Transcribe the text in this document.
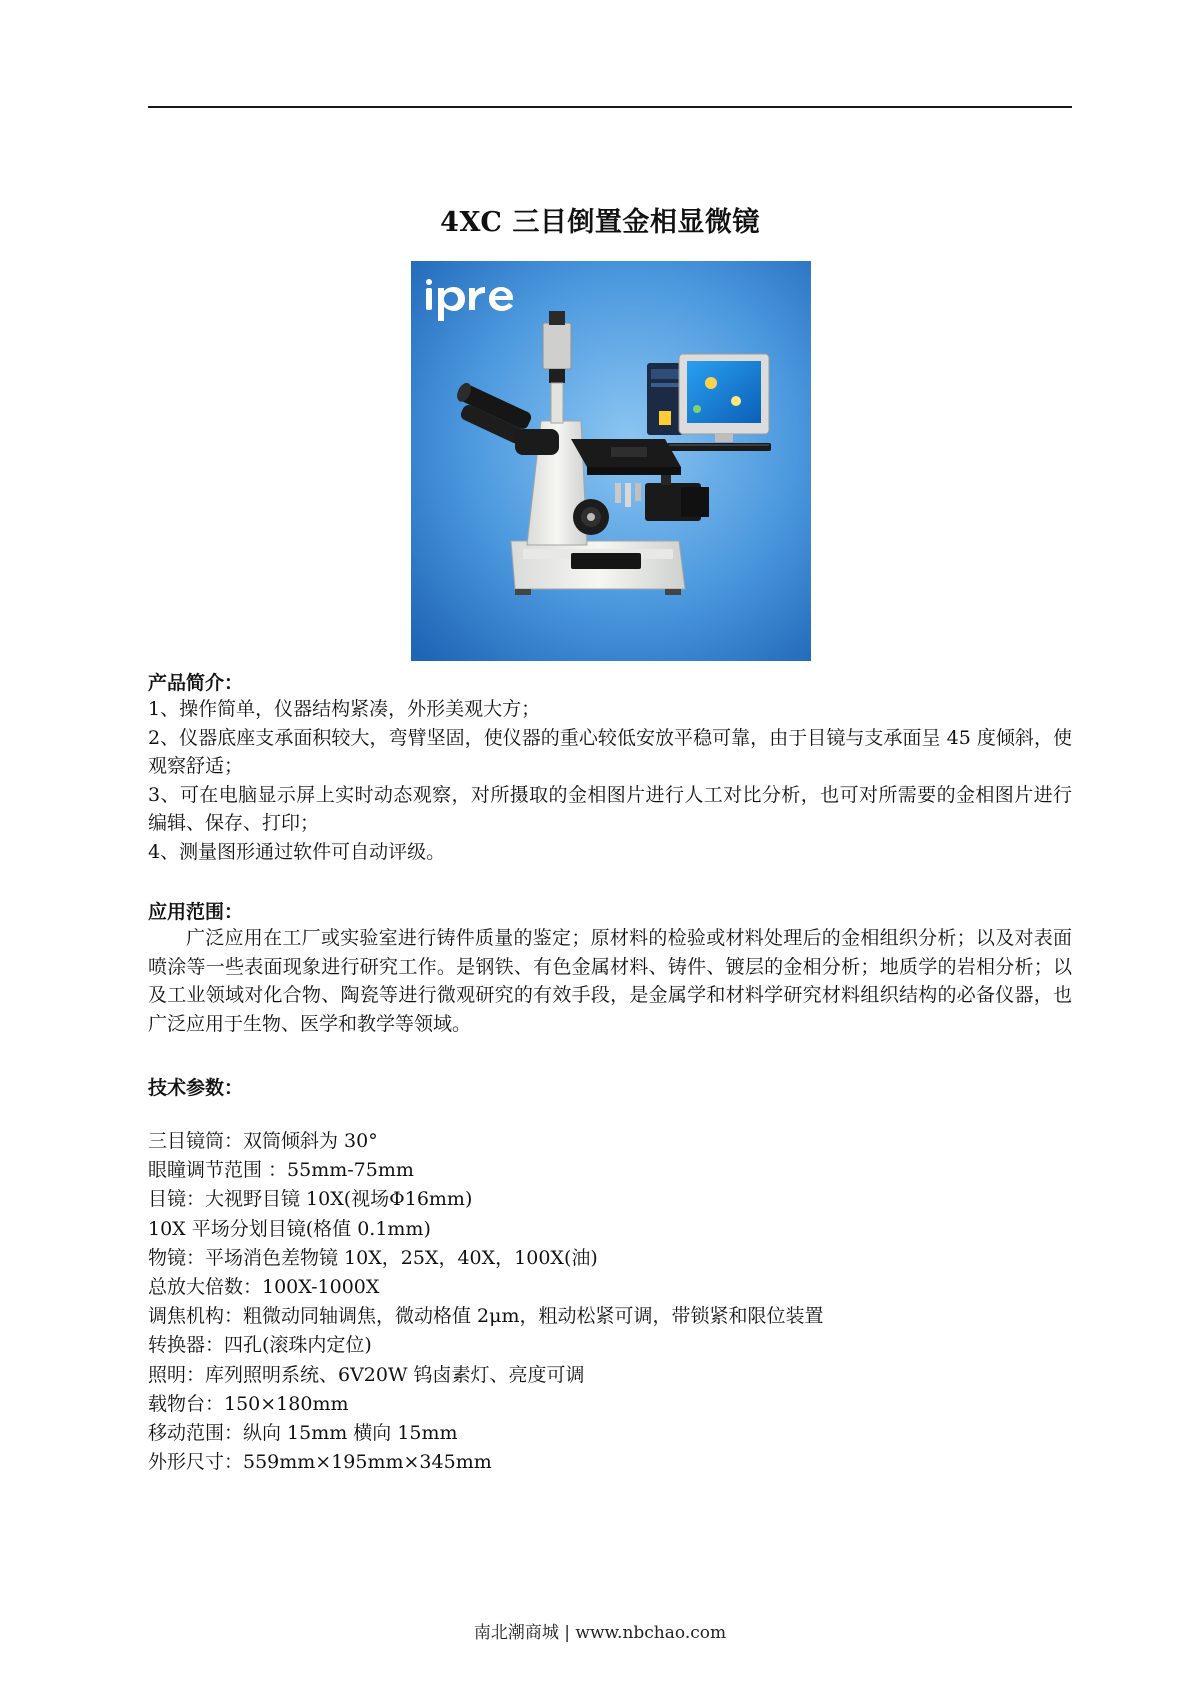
4XC 三目倒置金相显微镜
产品简介：

1、操作简单，仪器结构紧凑，外形美观大方；

2、仪器底座支承面积较大，弯臂坚固，使仪器的重心较低安放平稳可靠，由于目镜与支承面呈 45 度倾斜，使观察舒适；

3、可在电脑显示屏上实时动态观察，对所摄取的金相图片进行人工对比分析，也可对所需要的金相图片进行编辑、保存、打印；

4、测量图形通过软件可自动评级。

应用范围：

广泛应用在工厂或实验室进行铸件质量的鉴定；原材料的检验或材料处理后的金相组织分析；以及对表面喷涂等一些表面现象进行研究工作。是钢铁、有色金属材料、铸件、镀层的金相分析；地质学的岩相分析；以及工业领域对化合物、陶瓷等进行微观研究的有效手段，是金属学和材料学研究材料组织结构的必备仪器，也广泛应用于生物、医学和教学等领域。

技术参数：
三目镜筒：双筒倾斜为 30°
眼瞳调节范围 ：55mm-75mm
目镜：大视野目镜 10X(视场Φ16mm)
10X 平场分划目镜(格值 0.1mm)
物镜：平场消色差物镜 10X，25X，40X，100X(油)
总放大倍数：100X-1000X
调焦机构：粗微动同轴调焦，微动格值 2μm，粗动松紧可调，带锁紧和限位装置
转换器：四孔(滚珠内定位)
照明：库列照明系统、6V20W 钨卤素灯、亮度可调
载物台：150×180mm
移动范围：纵向 15mm 横向 15mm
外形尺寸：559mm×195mm×345mm
南北潮商城 | www.nbchao.com
